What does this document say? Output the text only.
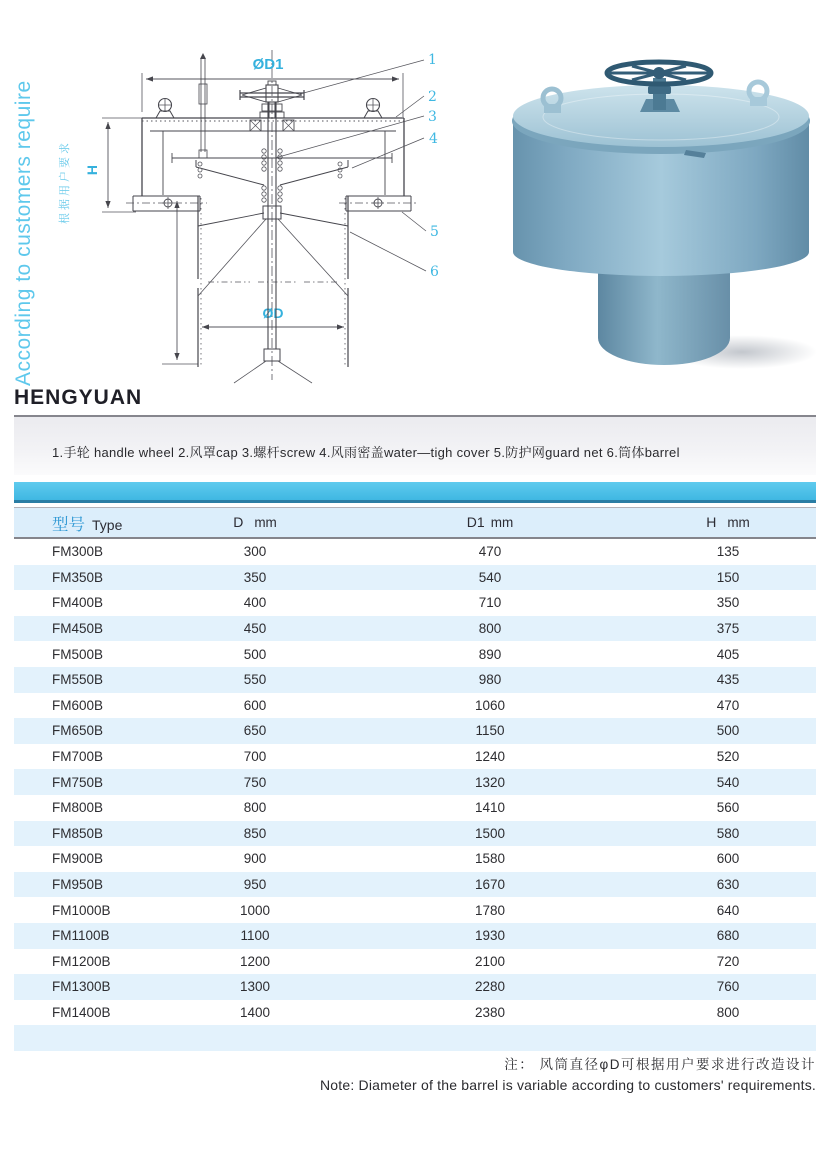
According to customers require 根据用户要求
ØD1
H
ØD
1
2
3
4
5
6
HENGYUAN
1.手轮 handle wheel 2.风罩cap 3.螺杆screw 4.风雨密盖water—tigh cover 5.防护网guard net 6.筒体barrel
型号 Type	D mm	D1 mm	H mm
FM300B	300	470	135
FM350B	350	540	150
FM400B	400	710	350
FM450B	450	800	375
FM500B	500	890	405
FM550B	550	980	435
FM600B	600	1060	470
FM650B	650	1150	500
FM700B	700	1240	520
FM750B	750	1320	540
FM800B	800	1410	560
FM850B	850	1500	580
FM900B	900	1580	600
FM950B	950	1670	630
FM1000B	1000	1780	640
FM1100B	1100	1930	680
FM1200B	1200	2100	720
FM1300B	1300	2280	760
FM1400B	1400	2380	800

注： 风筒直径φD可根据用户要求进行改造设计
Note: Diameter of the barrel is variable according to customers' requirements.
